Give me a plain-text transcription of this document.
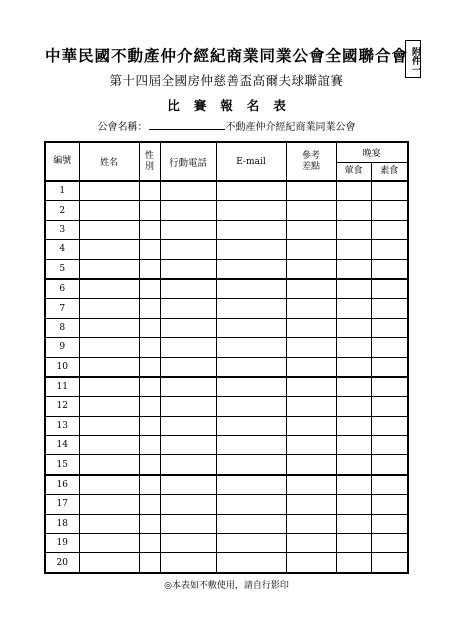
中華民國不動產仲介經紀商業同業公會全國聯合會 附件一
第十四屆全國房仲慈善盃高爾夫球聯誼賽
比賽報名表
公會名稱：	不動產仲介經紀商業同業公會
編號	姓名	性別	行動電話	E-mail	參考差點	晚宴	
						葷食	素食
1							
2							
3							
4							
5							
6							
7							
8							
9							
10							
11							
12							
13							
14							
15							
16							
17							
18							
19							
20							
◎本表如不敷使用，請自行影印
